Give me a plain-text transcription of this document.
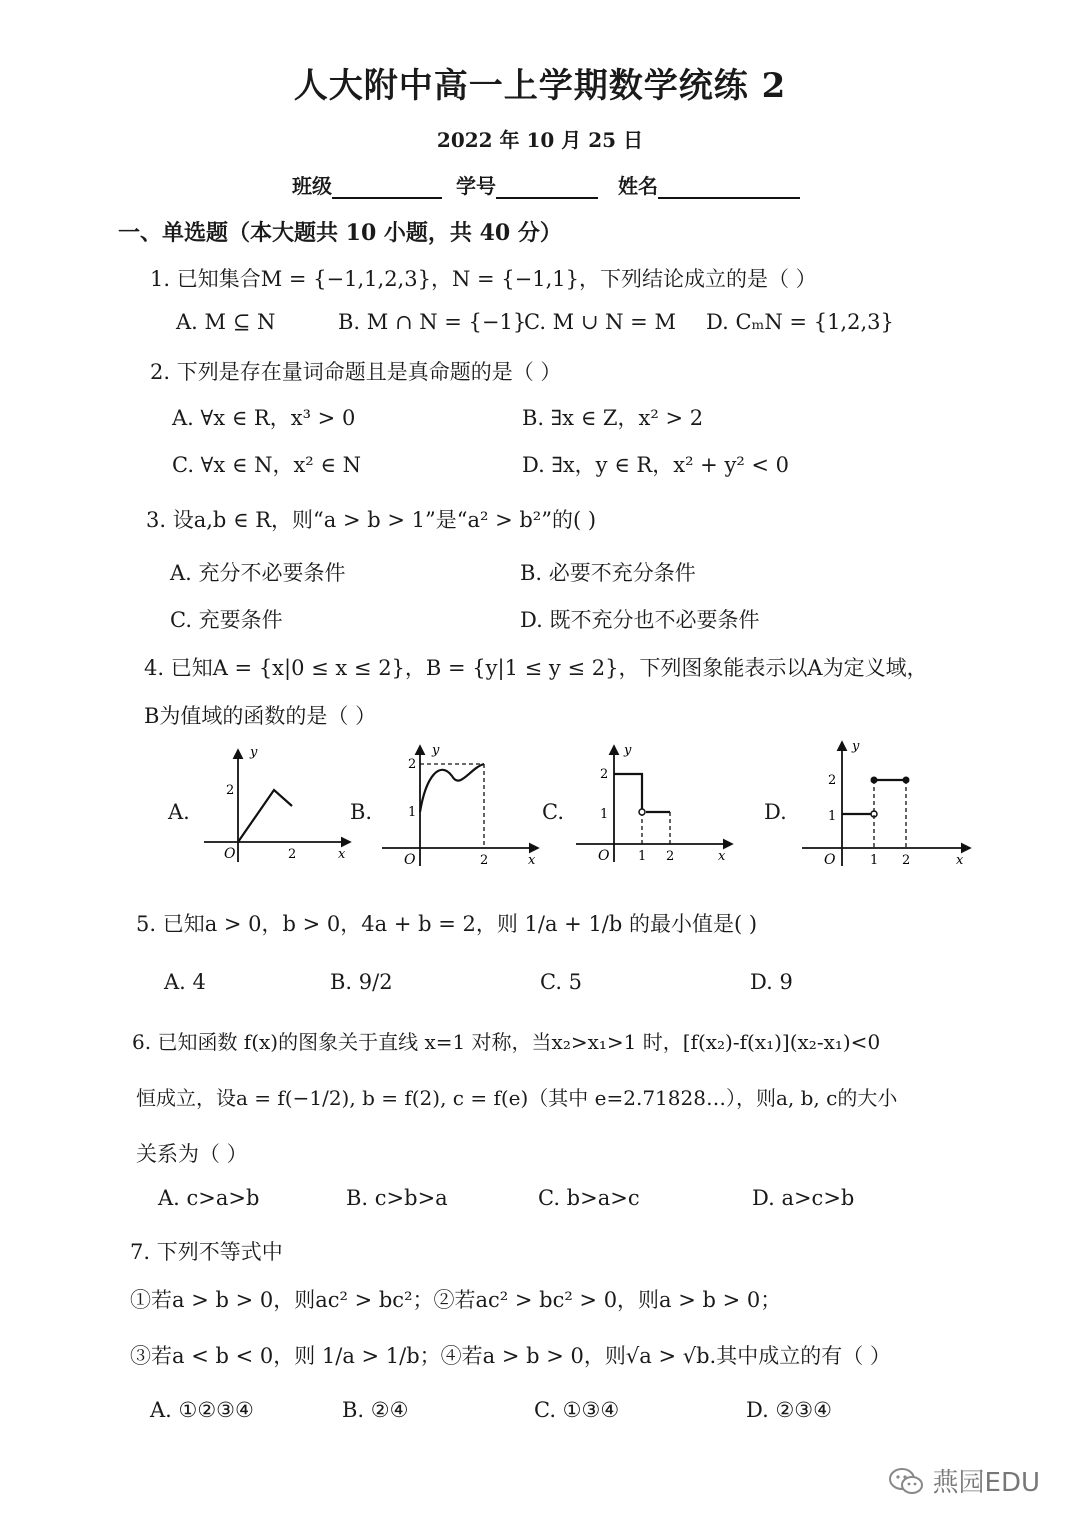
人大附中高一上学期数学统练 2
2022 年 10 月 25 日
班级	学号	姓名
一、单选题（本大题共 10 小题，共 40 分）
1. 已知集合M = {−1,1,2,3}，N = {−1,1}，下列结论成立的是（ ）
A. M ⊆ N	B. M ∩ N = {−1}
C. M ∪ N = M D. CₘN = {1,2,3}
2. 下列是存在量词命题且是真命题的是（ ）
A. ∀x ∈ R，x³ > 0	B. ∃x ∈ Z，x² > 2
C. ∀x ∈ N，x² ∈ N	D. ∃x，y ∈ R，x² + y² < 0
3. 设a,b ∈ R，则“a > b > 1”是“a² > b²”的( )
A. 充分不必要条件	B. 必要不充分条件
C. 充要条件	D. 既不充分也不必要条件
4. 已知A = {x|0 ≤ x ≤ 2}，B = {y|1 ≤ y ≤ 2}，下列图象能表示以A为定义域，
B为值域的函数的是（ ）
A.	B.	C.	D.
y
2
O	2	x
y
2
1
O	2	x
y
2
1
O 1 2	x
y
2
1
O	1 2	x
5. 已知a > 0，b > 0，4a + b = 2，则 1/a + 1/b 的最小值是( )
A. 4	B. 9/2	C. 5	D. 9
6. 已知函数 f(x)的图象关于直线 x=1 对称，当x₂>x₁>1 时，[f(x₂)-f(x₁)](x₂-x₁)<0
恒成立，设a = f(−1/2), b = f(2), c = f(e)（其中 e=2.71828…），则a, b, c的大小
关系为（ ）
A. c>a>b	B. c>b>a	C. b>a>c	D. a>c>b
7. 下列不等式中
①若a > b > 0，则ac² > bc²；②若ac² > bc² > 0，则a > b > 0；
③若a < b < 0，则 1/a > 1/b；④若a > b > 0，则√a > √b.其中成立的有（ ）
A. ①②③④	B. ②④	C. ①③④	D. ②③④
燕园EDU
